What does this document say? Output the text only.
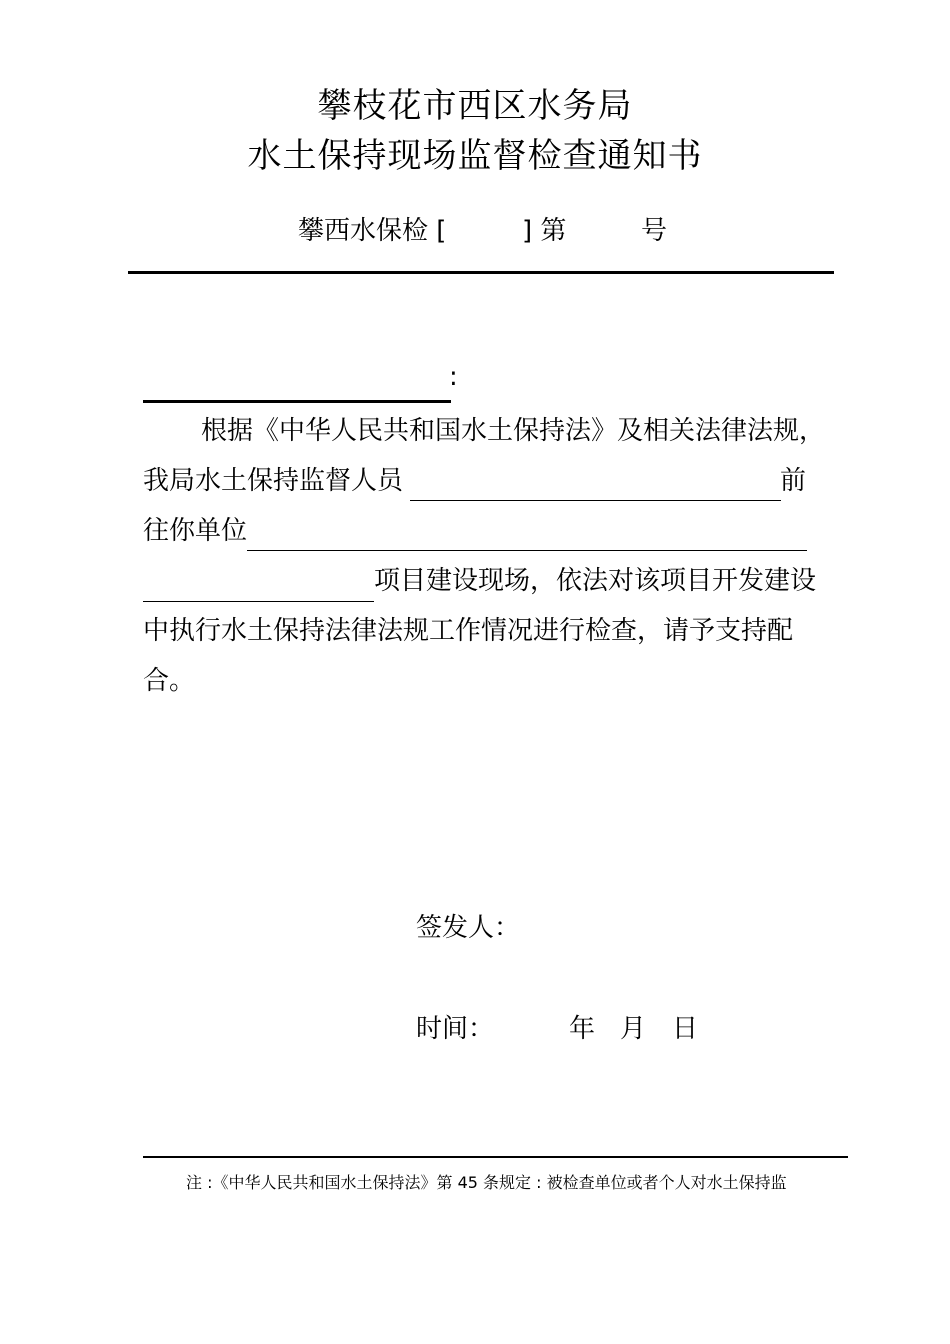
攀枝花市西区水务局
水土保持现场监督检查通知书
攀西水保检 [	] 第	号
:
根据《中华人民共和国水土保持法》及相关法律法规，
我局水土保持监督人员	前
往你单位
项目建设现场，依法对该项目开发建设
中执行水土保持法律法规工作情况进行检查，请予支持配
合。
签发人：
时间：	年 月 日
注 :《中华人民共和国水土保持法》第 45 条规定 : 被检查单位或者个人对水土保持监
